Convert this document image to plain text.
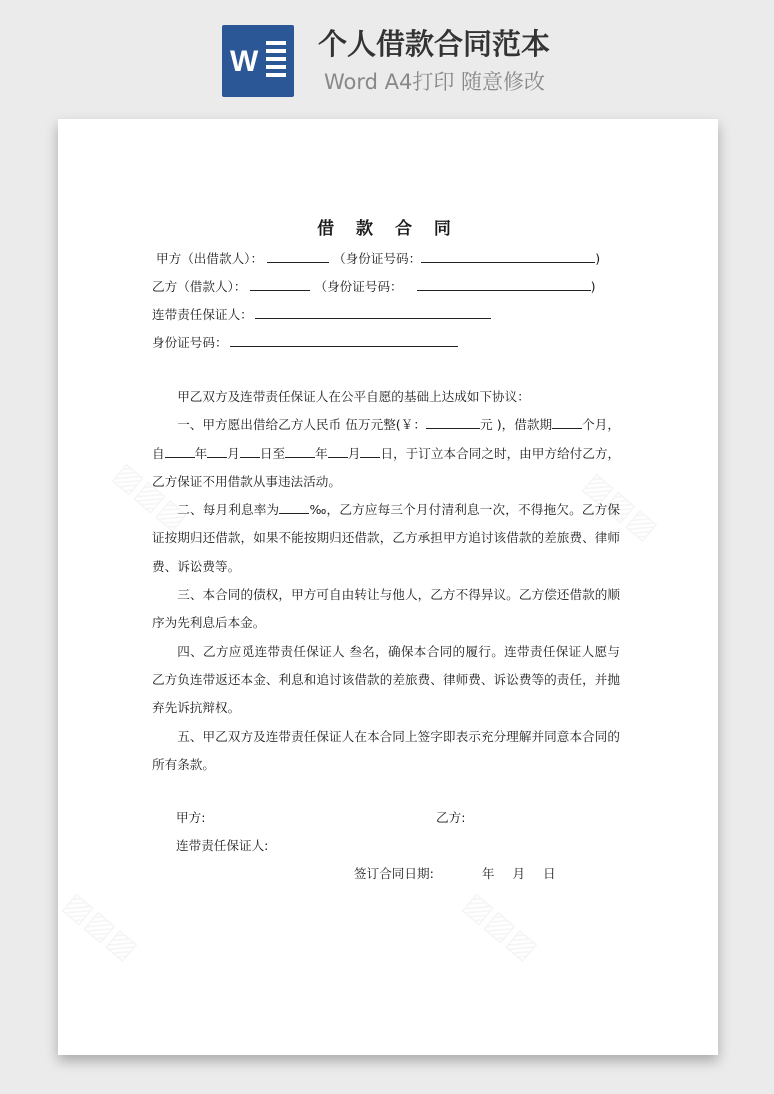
W
个人借款合同范本
Word A4打印 随意修改
借 款 合 同
甲方（出借款人）：	（身份证号码：	)
乙方（借款人）：	（身份证号码：	)
连带责任保证人：
身份证号码：

甲乙双方及连带责任保证人在公平自愿的基础上达成如下协议：

一、甲方愿出借给乙方人民币 伍万元整(￥：	元 )，借款期 个月，自 年 月 日至 年 月 日，于订立本合同之时，由甲方给付乙方，乙方保证不用借款从事违法活动。

二、每月利息率为 ‰，乙方应每三个月付清利息一次，不得拖欠。乙方保证按期归还借款，如果不能按期归还借款，乙方承担甲方追讨该借款的差旅费、律师费、诉讼费等。

三、本合同的债权，甲方可自由转让与他人，乙方不得异议。乙方偿还借款的顺序为先利息后本金。

四、乙方应觅连带责任保证人 叁名，确保本合同的履行。连带责任保证人愿与乙方负连带返还本金、利息和追讨该借款的差旅费、律师费、诉讼费等的责任，并抛弃先诉抗辩权。

五、甲乙双方及连带责任保证人在本合同上签字即表示充分理解并同意本合同的所有条款。

甲方:	乙方:
连带责任保证人:
签订合同日期:	年 月 日
